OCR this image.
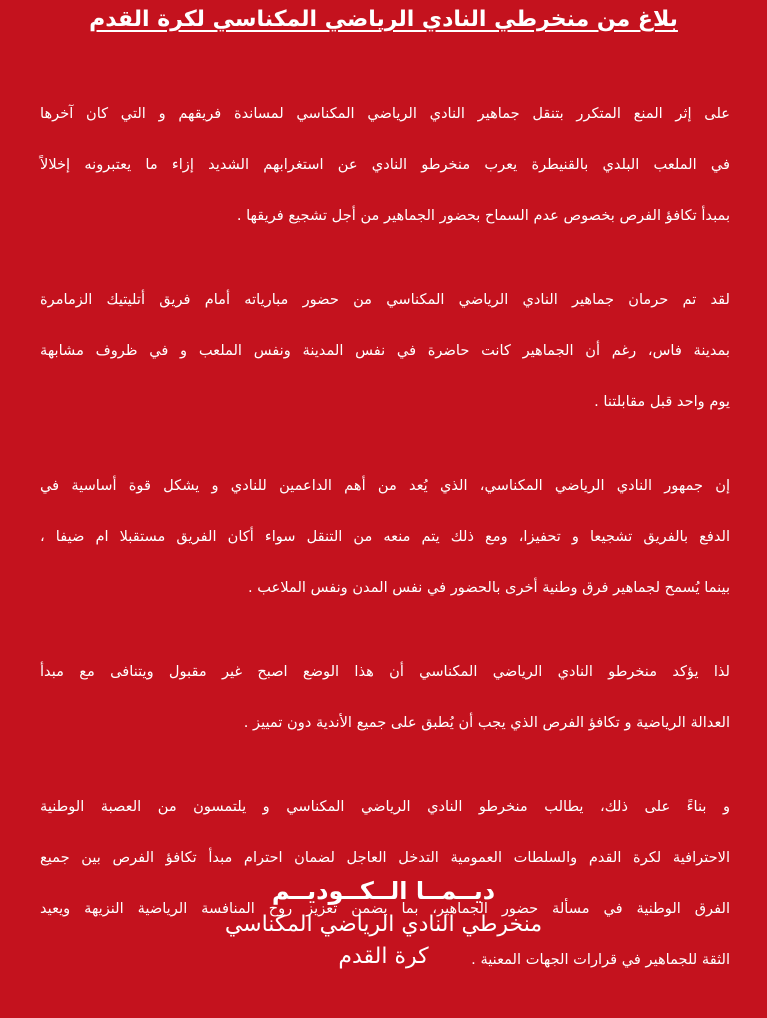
بلاغ من منخرطي النادي الرياضي المكناسي لكرة القدم

على إثر المنع المتكرر بتنقل جماهير النادي الرياضي المكناسي لمساندة فريقهم و التي كان آخرها
في الملعب البلدي بالقنيطرة يعرب منخرطو النادي عن استغرابهم الشديد إزاء ما يعتبرونه إخلالاً
بمبدأ تكافؤ الفرص بخصوص عدم السماح بحضور الجماهير من أجل تشجيع فريقها .

لقد تم حرمان جماهير النادي الرياضي المكناسي من حضور مبارياته أمام فريق أتليتيك الزمامرة
بمدينة فاس، رغم أن الجماهير كانت حاضرة في نفس المدينة ونفس الملعب و في ظروف مشابهة
يوم واحد قبل مقابلتنا .

إن جمهور النادي الرياضي المكناسي، الذي يُعد من أهم الداعمين للنادي و يشكل قوة أساسية في
الدفع بالفريق تشجيعا و تحفيزا، ومع ذلك يتم منعه من التنقل سواء أكان الفريق مستقبلا ام ضيفا ،
بينما يُسمح لجماهير فرق وطنية أخرى بالحضور في نفس المدن ونفس الملاعب .

لذا يؤكد منخرطو النادي الرياضي المكناسي أن هذا الوضع اصبح غير مقبول ويتنافى مع مبدأ
العدالة الرياضية و تكافؤ الفرص الذي يجب أن يُطبق على جميع الأندية دون تمييز .

و بناءً على ذلك، يطالب منخرطو النادي الرياضي المكناسي و يلتمسون من العصبة الوطنية
الاحترافية لكرة القدم والسلطات العمومية التدخل العاجل لضمان احترام مبدأ تكافؤ الفرص بين جميع
الفرق الوطنية في مسألة حضور الجماهير، بما يضمن تعزيز روح المنافسة الرياضية النزيهة ويعيد
الثقة للجماهير في قرارات الجهات المعنية .

ديــمــا الــكــوديــم
منخرطي النادي الرياضي المكناسي
كرة القدم
